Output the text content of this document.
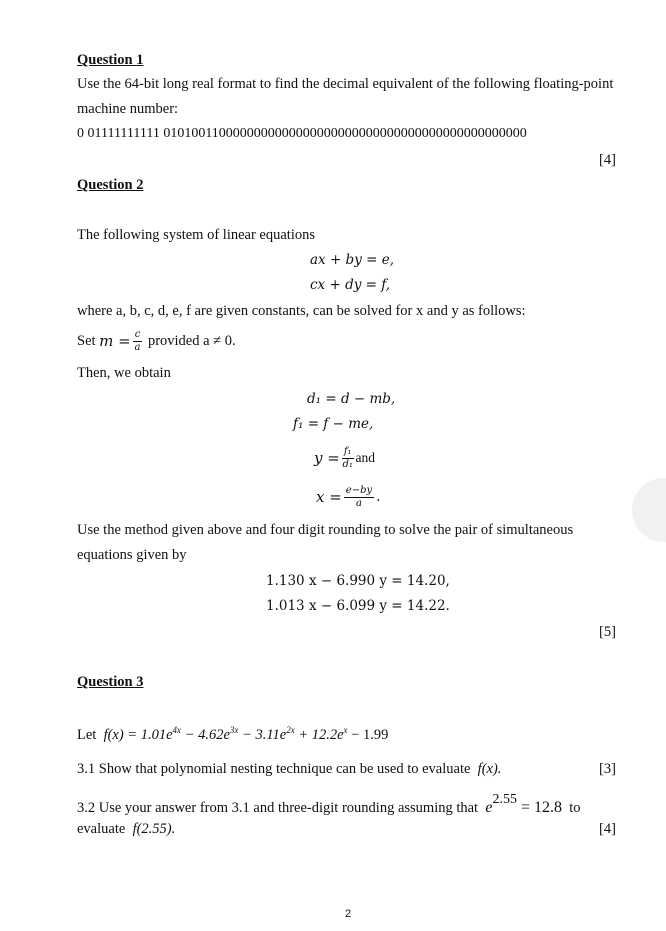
Question 1
Use the 64-bit long real format to find the decimal equivalent of the following floating-point
machine number:
0 01111111111 0101001100000000000000000000000000000000000000000000
[4]
Question 2
The following system of linear equations
ax + by = e,
cx + dy = f,
where a, b, c, d, e, f are given constants, can be solved for x and y as follows:
Set
$m = \frac{c}{a}$
provided a ≠ 0.
Then, we obtain
d₁ = d − mb,
f₁ = f − me,
$y = \frac{\text{f₁}}{\text{d₁}}$ and
$x = \frac{e-by}{a}$ .
Use the method given above and four digit rounding to solve the pair of simultaneous
equations given by
1.130 x − 6.990 y = 14.20,
1.013 x − 6.099 y = 14.22.
[5]
Question 3
Let $f(x) = 1.01e^{4x} - 4.62e^{3x} - 3.11e^{2x} + 12.2e^x - 1.99$
3.1 Show that polynomial nesting technique can be used to evaluate f(x).	[3]
3.2 Use your answer from 3.1 and three-digit rounding assuming that $e^{2.55} = 12.8$ to
evaluate f(2.55).	[4]
2
